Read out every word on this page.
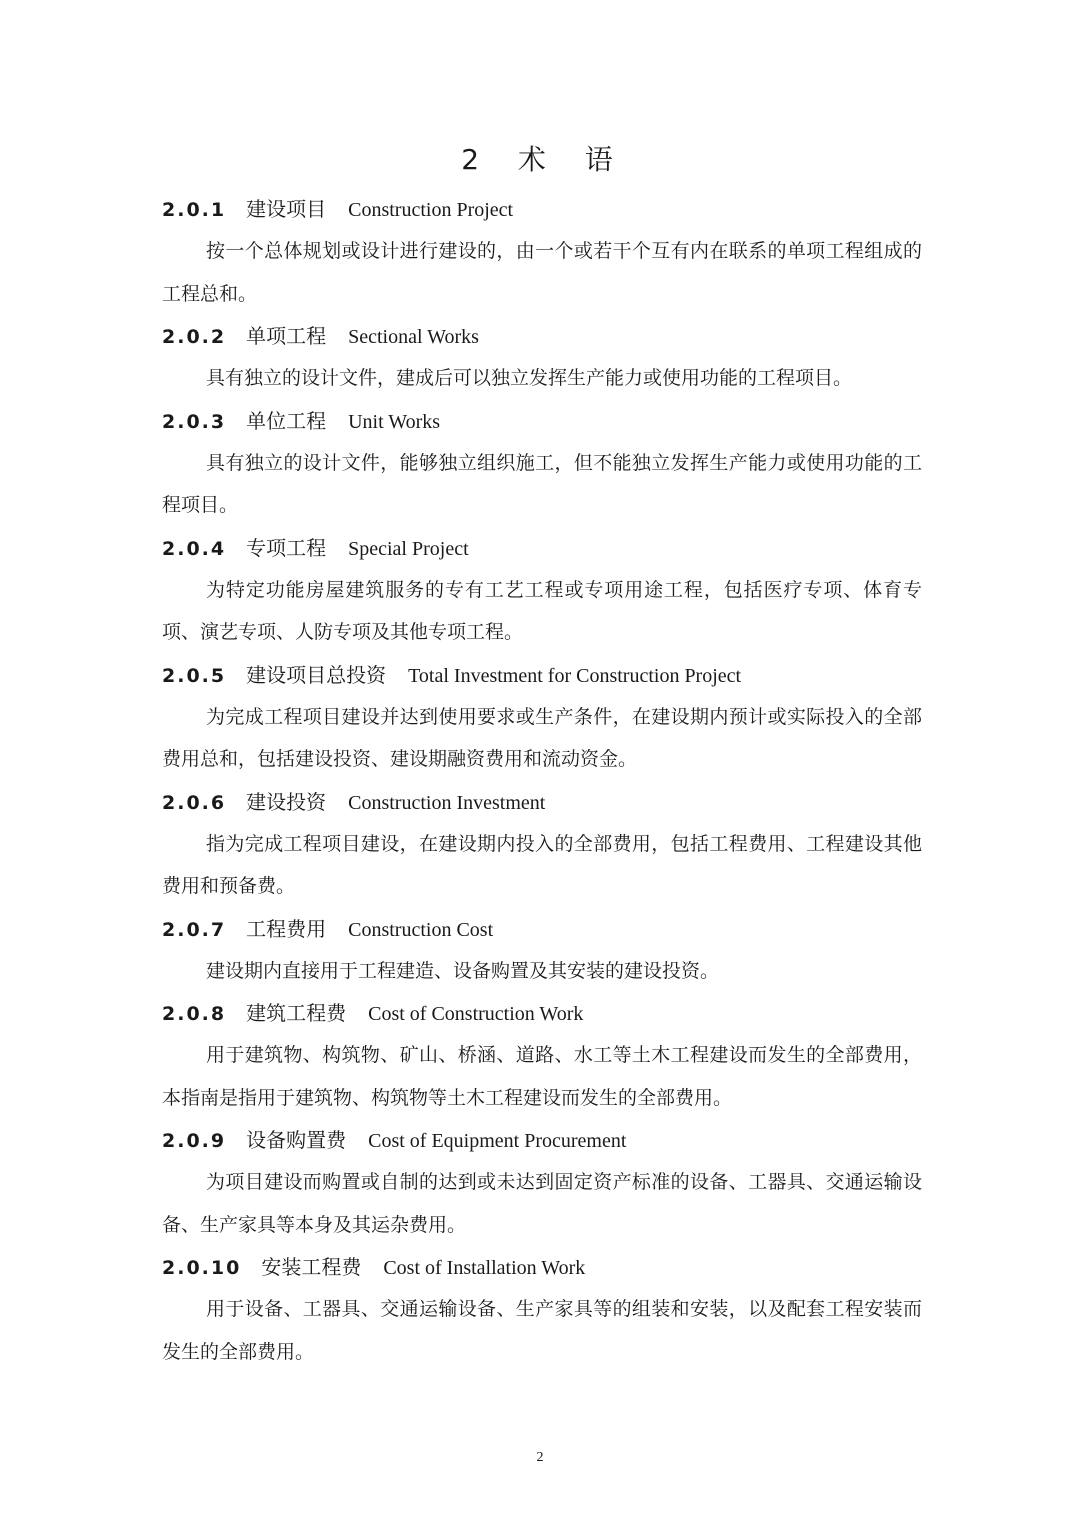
2 术 语
2.0.1 建设项目 Construction Project

按一个总体规划或设计进行建设的，由一个或若干个互有内在联系的单项工程组成的工程总和。

2.0.2 单项工程 Sectional Works

具有独立的设计文件，建成后可以独立发挥生产能力或使用功能的工程项目。

2.0.3 单位工程 Unit Works

具有独立的设计文件，能够独立组织施工，但不能独立发挥生产能力或使用功能的工程项目。

2.0.4 专项工程 Special Project

为特定功能房屋建筑服务的专有工艺工程或专项用途工程，包括医疗专项、体育专项、演艺专项、人防专项及其他专项工程。

2.0.5 建设项目总投资 Total Investment for Construction Project

为完成工程项目建设并达到使用要求或生产条件，在建设期内预计或实际投入的全部费用总和，包括建设投资、建设期融资费用和流动资金。

2.0.6 建设投资 Construction Investment

指为完成工程项目建设，在建设期内投入的全部费用，包括工程费用、工程建设其他费用和预备费。

2.0.7 工程费用 Construction Cost

建设期内直接用于工程建造、设备购置及其安装的建设投资。

2.0.8 建筑工程费 Cost of Construction Work

用于建筑物、构筑物、矿山、桥涵、道路、水工等土木工程建设而发生的全部费用，本指南是指用于建筑物、构筑物等土木工程建设而发生的全部费用。

2.0.9 设备购置费 Cost of Equipment Procurement

为项目建设而购置或自制的达到或未达到固定资产标准的设备、工器具、交通运输设备、生产家具等本身及其运杂费用。

2.0.10 安装工程费 Cost of Installation Work

用于设备、工器具、交通运输设备、生产家具等的组装和安装，以及配套工程安装而发生的全部费用。

2
